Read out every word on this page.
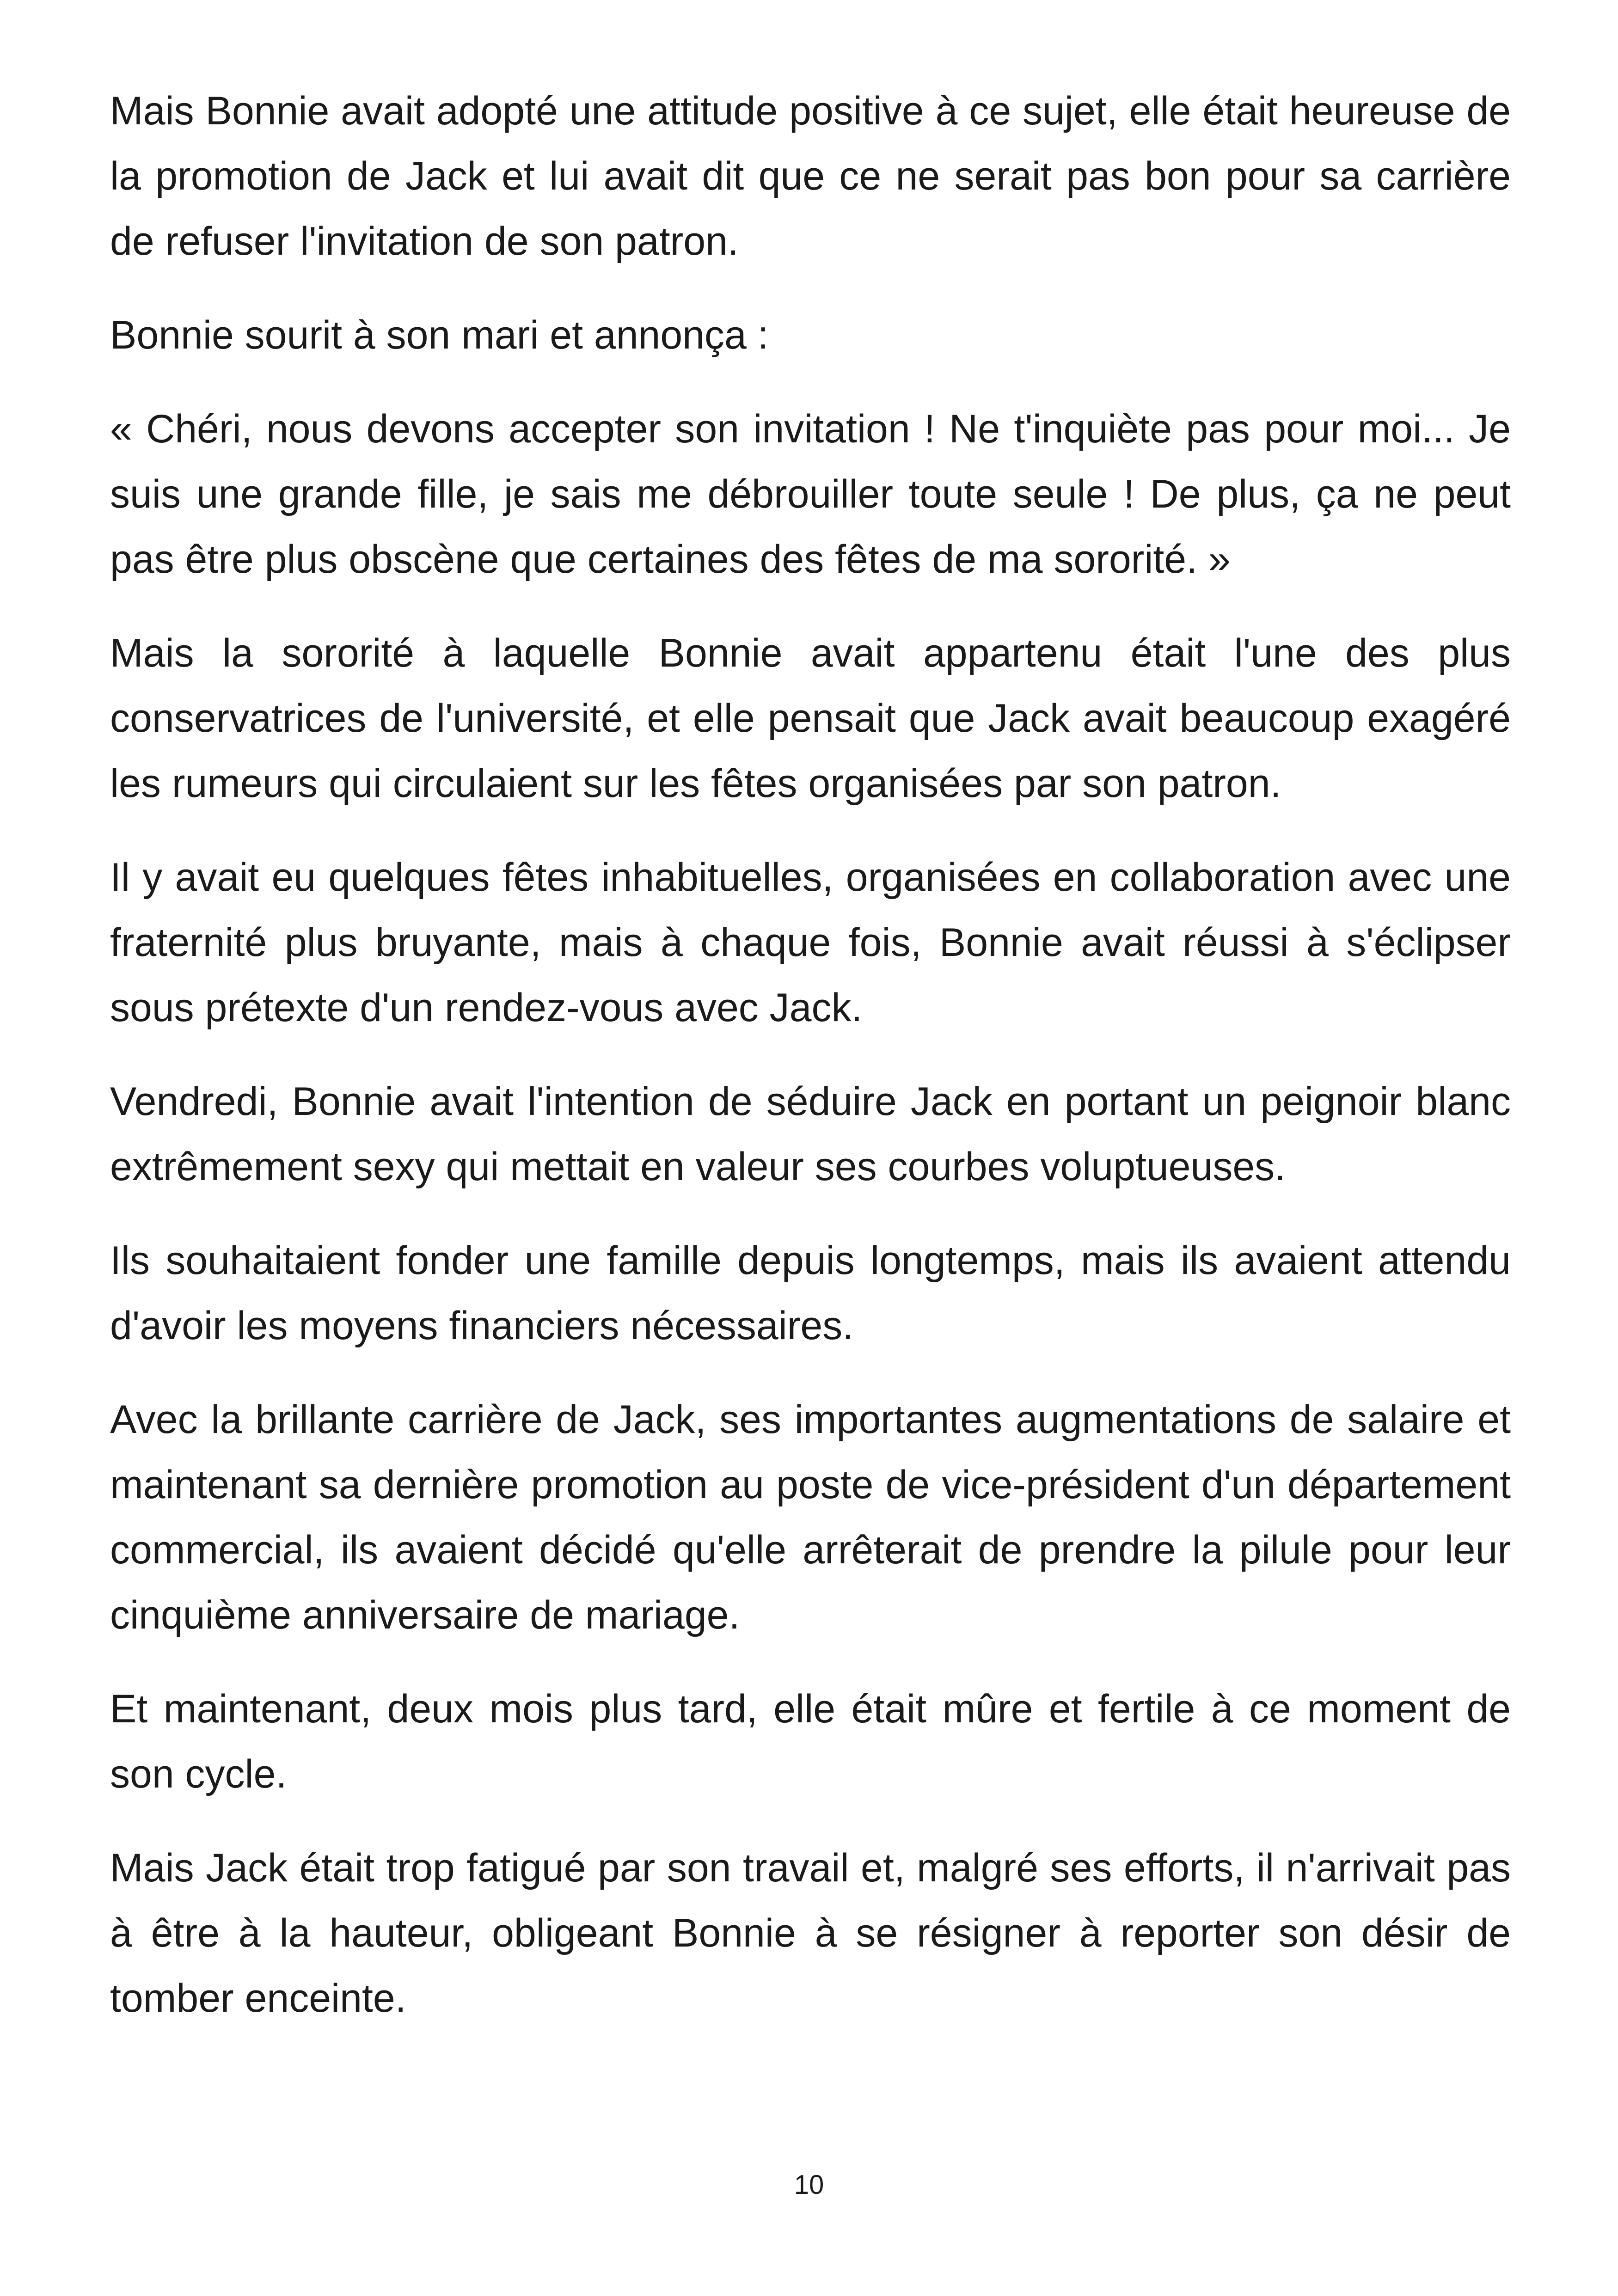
Mais Bonnie avait adopté une attitude positive à ce sujet, elle était heureuse de la promotion de Jack et lui avait dit que ce ne serait pas bon pour sa carrière de refuser l'invitation de son patron.

Bonnie sourit à son mari et annonça :

« Chéri, nous devons accepter son invitation ! Ne t'inquiète pas pour moi... Je suis une grande fille, je sais me débrouiller toute seule ! De plus, ça ne peut pas être plus obscène que certaines des fêtes de ma sororité. »

Mais la sororité à laquelle Bonnie avait appartenu était l'une des plus conservatrices de l'université, et elle pensait que Jack avait beaucoup exagéré les rumeurs qui circulaient sur les fêtes organisées par son patron.

Il y avait eu quelques fêtes inhabituelles, organisées en collaboration avec une fraternité plus bruyante, mais à chaque fois, Bonnie avait réussi à s'éclipser sous prétexte d'un rendez-vous avec Jack.

Vendredi, Bonnie avait l'intention de séduire Jack en portant un peignoir blanc extrêmement sexy qui mettait en valeur ses courbes voluptueuses.

Ils souhaitaient fonder une famille depuis longtemps, mais ils avaient attendu d'avoir les moyens financiers nécessaires.

Avec la brillante carrière de Jack, ses importantes augmentations de salaire et maintenant sa dernière promotion au poste de vice-président d'un département commercial, ils avaient décidé qu'elle arrêterait de prendre la pilule pour leur cinquième anniversaire de mariage.

Et maintenant, deux mois plus tard, elle était mûre et fertile à ce moment de son cycle.

Mais Jack était trop fatigué par son travail et, malgré ses efforts, il n'arrivait pas à être à la hauteur, obligeant Bonnie à se résigner à reporter son désir de tomber enceinte.

10
